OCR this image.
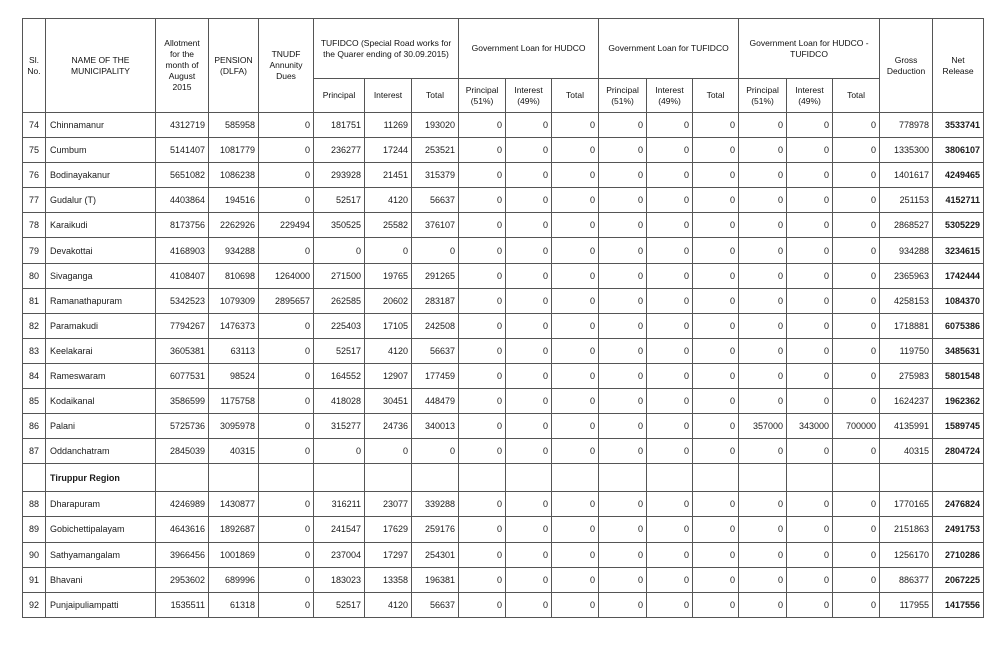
Sl. No.	NAME OF THE MUNICIPALITY	Allotment for the month of August 2015	PENSION (DLFA)	TNUDF Annunity Dues	TUFIDCO (Special Road works for the Quarer ending of 30.09.2015)			Government Loan for HUDCO			Government Loan for TUFIDCO			Government Loan for HUDCO - TUFIDCO			Gross Deduction	Net Release
					Principal	Interest	Total	Principal (51%)	Interest (49%)	Total	Principal (51%)	Interest (49%)	Total	Principal (51%)	Interest (49%)	Total		
74	Chinnamanur	4312719	585958	0	181751	11269	193020	0	0	0	0	0	0	0	0	0	778978	3533741
75	Cumbum	5141407	1081779	0	236277	17244	253521	0	0	0	0	0	0	0	0	0	1335300	3806107
76	Bodinayakanur	5651082	1086238	0	293928	21451	315379	0	0	0	0	0	0	0	0	0	1401617	4249465
77	Gudalur (T)	4403864	194516	0	52517	4120	56637	0	0	0	0	0	0	0	0	0	251153	4152711
78	Karaikudi	8173756	2262926	229494	350525	25582	376107	0	0	0	0	0	0	0	0	0	2868527	5305229
79	Devakottai	4168903	934288	0	0	0	0	0	0	0	0	0	0	0	0	0	934288	3234615
80	Sivaganga	4108407	810698	1264000	271500	19765	291265	0	0	0	0	0	0	0	0	0	2365963	1742444
81	Ramanathapuram	5342523	1079309	2895657	262585	20602	283187	0	0	0	0	0	0	0	0	0	4258153	1084370
82	Paramakudi	7794267	1476373	0	225403	17105	242508	0	0	0	0	0	0	0	0	0	1718881	6075386
83	Keelakarai	3605381	63113	0	52517	4120	56637	0	0	0	0	0	0	0	0	0	119750	3485631
84	Rameswaram	6077531	98524	0	164552	12907	177459	0	0	0	0	0	0	0	0	0	275983	5801548
85	Kodaikanal	3586599	1175758	0	418028	30451	448479	0	0	0	0	0	0	0	0	0	1624237	1962362
86	Palani	5725736	3095978	0	315277	24736	340013	0	0	0	0	0	0	357000	343000	700000	4135991	1589745
87	Oddanchatram	2845039	40315	0	0	0	0	0	0	0	0	0	0	0	0	0	40315	2804724
	Tiruppur Region																	
88	Dharapuram	4246989	1430877	0	316211	23077	339288	0	0	0	0	0	0	0	0	0	1770165	2476824
89	Gobichettipalayam	4643616	1892687	0	241547	17629	259176	0	0	0	0	0	0	0	0	0	2151863	2491753
90	Sathyamangalam	3966456	1001869	0	237004	17297	254301	0	0	0	0	0	0	0	0	0	1256170	2710286
91	Bhavani	2953602	689996	0	183023	13358	196381	0	0	0	0	0	0	0	0	0	886377	2067225
92	Punjaipuliampatti	1535511	61318	0	52517	4120	56637	0	0	0	0	0	0	0	0	0	117955	1417556
